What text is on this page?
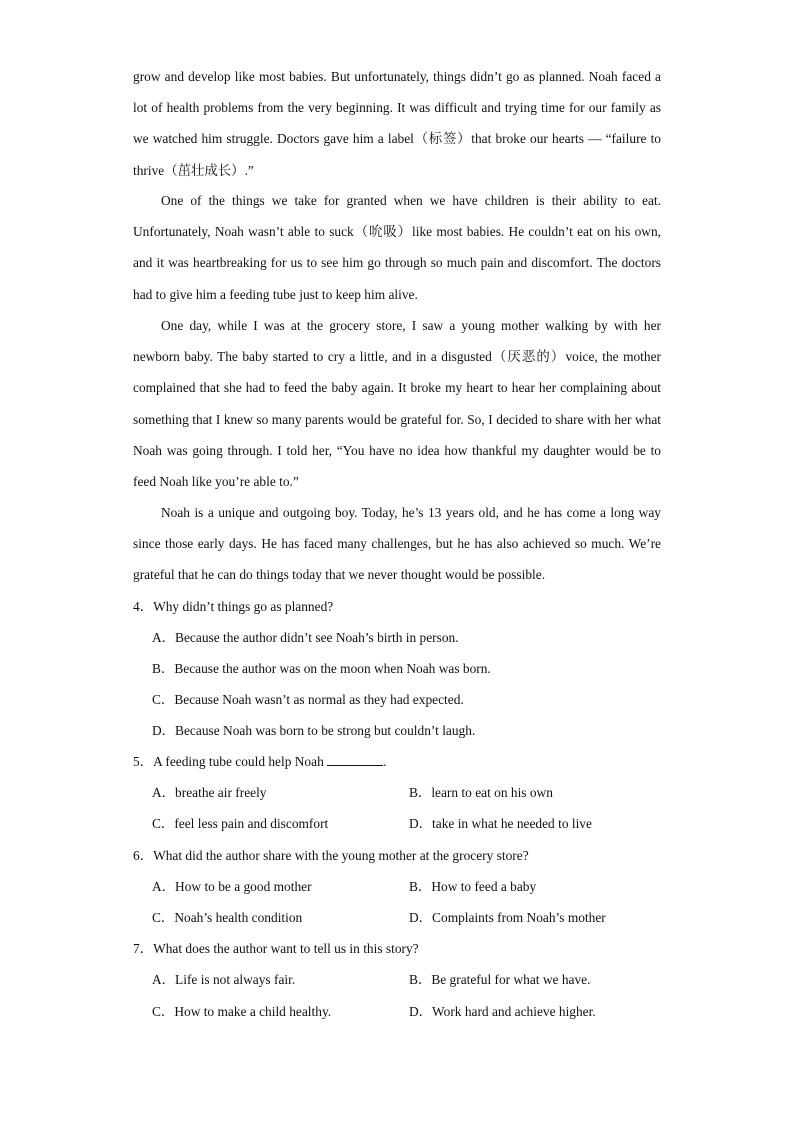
grow and develop like most babies. But unfortunately, things didn’t go as planned. Noah faced a lot of health problems from the very beginning. It was difficult and trying time for our family as we watched him struggle. Doctors gave him a label（标签）that broke our hearts — “failure to thrive（茁壮成长）.”

One of the things we take for granted when we have children is their ability to eat. Unfortunately, Noah wasn’t able to suck（吮吸）like most babies. He couldn’t eat on his own, and it was heartbreaking for us to see him go through so much pain and discomfort. The doctors had to give him a feeding tube just to keep him alive.

One day, while I was at the grocery store, I saw a young mother walking by with her newborn baby. The baby started to cry a little, and in a disgusted（厌恶的）voice, the mother complained that she had to feed the baby again. It broke my heart to hear her complaining about something that I knew so many parents would be grateful for. So, I decided to share with her what Noah was going through. I told her, “You have no idea how thankful my daughter would be to feed Noah like you’re able to.”

Noah is a unique and outgoing boy. Today, he’s 13 years old, and he has come a long way since those early days. He has faced many challenges, but he has also achieved so much. We’re grateful that he can do things today that we never thought would be possible.

4．Why didn’t things go as planned?

A．Because the author didn’t see Noah’s birth in person.

B．Because the author was on the moon when Noah was born.

C．Because Noah wasn’t as normal as they had expected.

D．Because Noah was born to be strong but couldn’t laugh.

5．A feeding tube could help Noah	.

A．breathe air freely	B．learn to eat on his own

C．feel less pain and discomfort	D．take in what he needed to live

6．What did the author share with the young mother at the grocery store?

A．How to be a good mother	B．How to feed a baby

C．Noah’s health condition	D．Complaints from Noah’s mother

7．What does the author want to tell us in this story?

A．Life is not always fair.	B．Be grateful for what we have.

C．How to make a child healthy.	D．Work hard and achieve higher.
